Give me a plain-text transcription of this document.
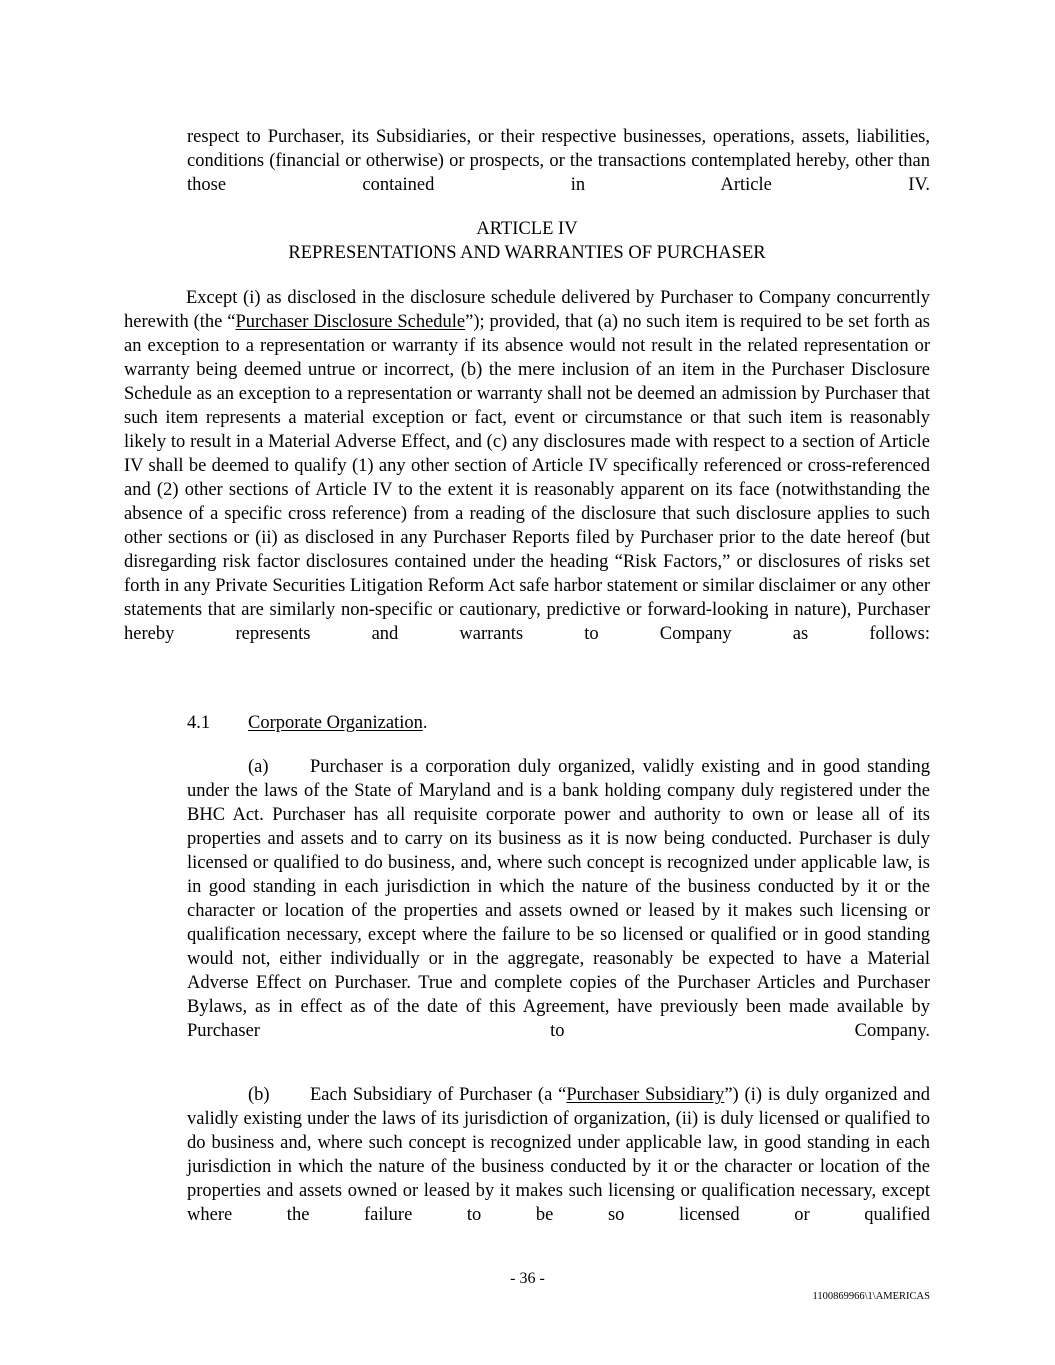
respect to Purchaser, its Subsidiaries, or their respective businesses, operations, assets, liabilities, conditions (financial or otherwise) or prospects, or the transactions contemplated hereby, other than those contained in Article IV.

ARTICLE IV

REPRESENTATIONS AND WARRANTIES OF PURCHASER

Except (i) as disclosed in the disclosure schedule delivered by Purchaser to Company concurrently herewith (the “Purchaser Disclosure Schedule”); provided, that (a) no such item is required to be set forth as an exception to a representation or warranty if its absence would not result in the related representation or warranty being deemed untrue or incorrect, (b) the mere inclusion of an item in the Purchaser Disclosure Schedule as an exception to a representation or warranty shall not be deemed an admission by Purchaser that such item represents a material exception or fact, event or circumstance or that such item is reasonably likely to result in a Material Adverse Effect, and (c) any disclosures made with respect to a section of Article IV shall be deemed to qualify (1) any other section of Article IV specifically referenced or cross-referenced and (2) other sections of Article IV to the extent it is reasonably apparent on its face (notwithstanding the absence of a specific cross reference) from a reading of the disclosure that such disclosure applies to such other sections or (ii) as disclosed in any Purchaser Reports filed by Purchaser prior to the date hereof (but disregarding risk factor disclosures contained under the heading “Risk Factors,” or disclosures of risks set forth in any Private Securities Litigation Reform Act safe harbor statement or similar disclaimer or any other statements that are similarly non-specific or cautionary, predictive or forward-looking in nature), Purchaser hereby represents and warrants to Company as follows:

4.1 Corporate Organization.

(a) Purchaser is a corporation duly organized, validly existing and in good standing under the laws of the State of Maryland and is a bank holding company duly registered under the BHC Act. Purchaser has all requisite corporate power and authority to own or lease all of its properties and assets and to carry on its business as it is now being conducted. Purchaser is duly licensed or qualified to do business, and, where such concept is recognized under applicable law, is in good standing in each jurisdiction in which the nature of the business conducted by it or the character or location of the properties and assets owned or leased by it makes such licensing or qualification necessary, except where the failure to be so licensed or qualified or in good standing would not, either individually or in the aggregate, reasonably be expected to have a Material Adverse Effect on Purchaser. True and complete copies of the Purchaser Articles and Purchaser Bylaws, as in effect as of the date of this Agreement, have previously been made available by Purchaser to Company.

(b) Each Subsidiary of Purchaser (a “Purchaser Subsidiary”) (i) is duly organized and validly existing under the laws of its jurisdiction of organization, (ii) is duly licensed or qualified to do business and, where such concept is recognized under applicable law, in good standing in each jurisdiction in which the nature of the business conducted by it or the character or location of the properties and assets owned or leased by it makes such licensing or qualification necessary, except where the failure to be so licensed or qualified

- 36 -
1100869966\1\AMERICAS
